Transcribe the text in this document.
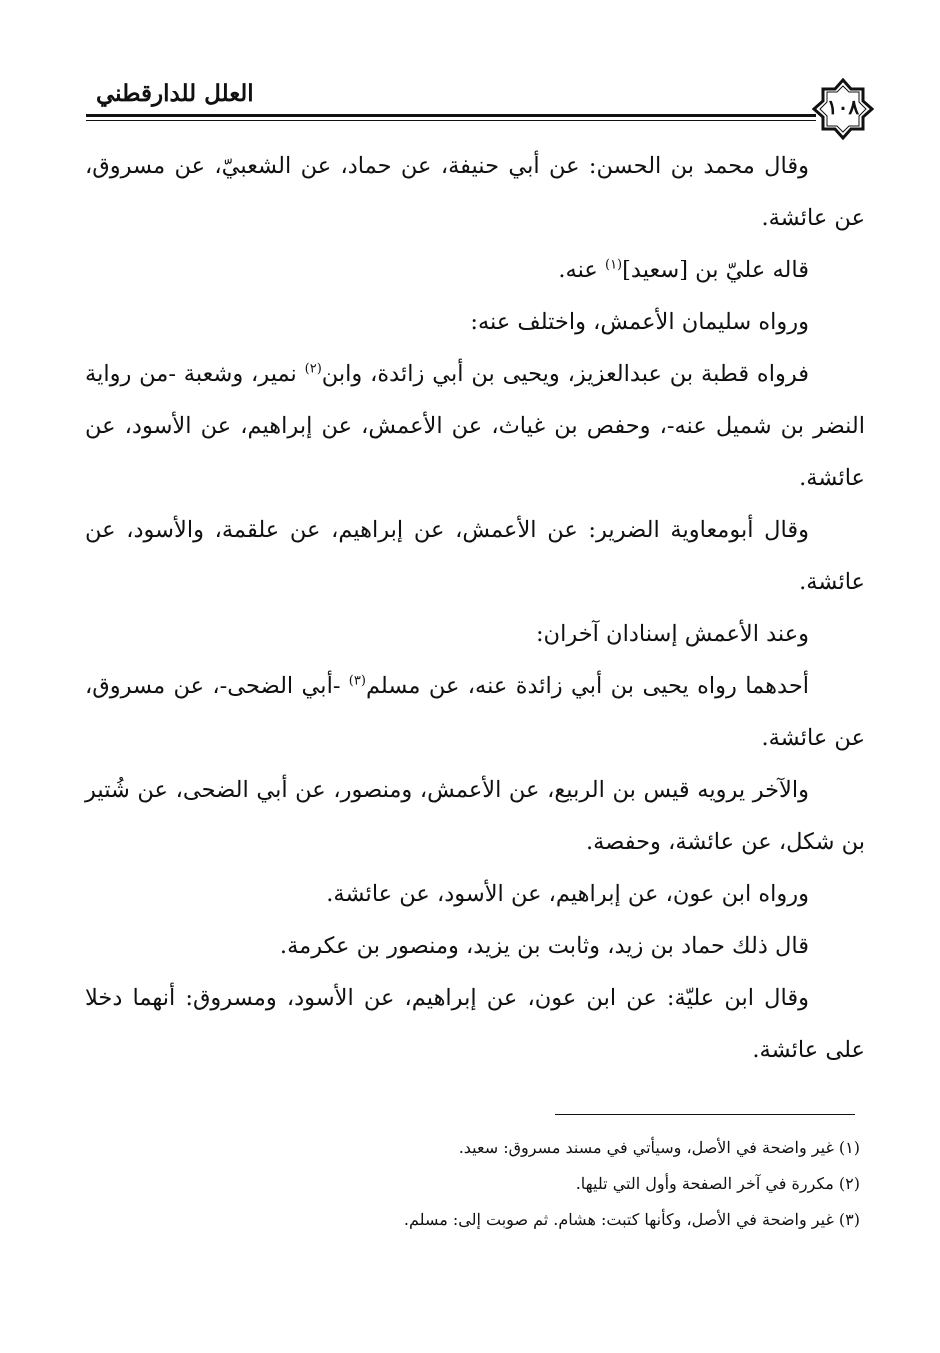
العلل للدارقطني	١٠٨

وقال محمد بن الحسن: عن أبي حنيفة، عن حماد، عن الشعبيّ، عن مسروق، عن عائشة.

قاله عليّ بن [سعيد]$^{(١)}$ عنه.

ورواه سليمان الأعمش، واختلف عنه:

فرواه قطبة بن عبدالعزيز، ويحيى بن أبي زائدة، وابن$^{(٢)}$ نمير، وشعبة -من رواية النضر بن شميل عنه-، وحفص بن غياث، عن الأعمش، عن إبراهيم، عن الأسود، عن عائشة.

وقال أبومعاوية الضرير: عن الأعمش، عن إبراهيم، عن علقمة، والأسود، عن عائشة.

وعند الأعمش إسنادان آخران:

أحدهما رواه يحيى بن أبي زائدة عنه، عن مسلم$^{(٣)}$ -أبي الضحى-، عن مسروق، عن عائشة.

والآخر يرويه قيس بن الربيع، عن الأعمش، ومنصور، عن أبي الضحى، عن شُتير بن شكل، عن عائشة، وحفصة.

ورواه ابن عون، عن إبراهيم، عن الأسود، عن عائشة.

قال ذلك حماد بن زيد، وثابت بن يزيد، ومنصور بن عكرمة.

وقال ابن عليّة: عن ابن عون، عن إبراهيم، عن الأسود، ومسروق: أنهما دخلا على عائشة.

(١) غير واضحة في الأصل، وسيأتي في مسند مسروق: سعيد.

(٢) مكررة في آخر الصفحة وأول التي تليها.

(٣) غير واضحة في الأصل، وكأنها كتبت: هشام. ثم صوبت إلى: مسلم.
